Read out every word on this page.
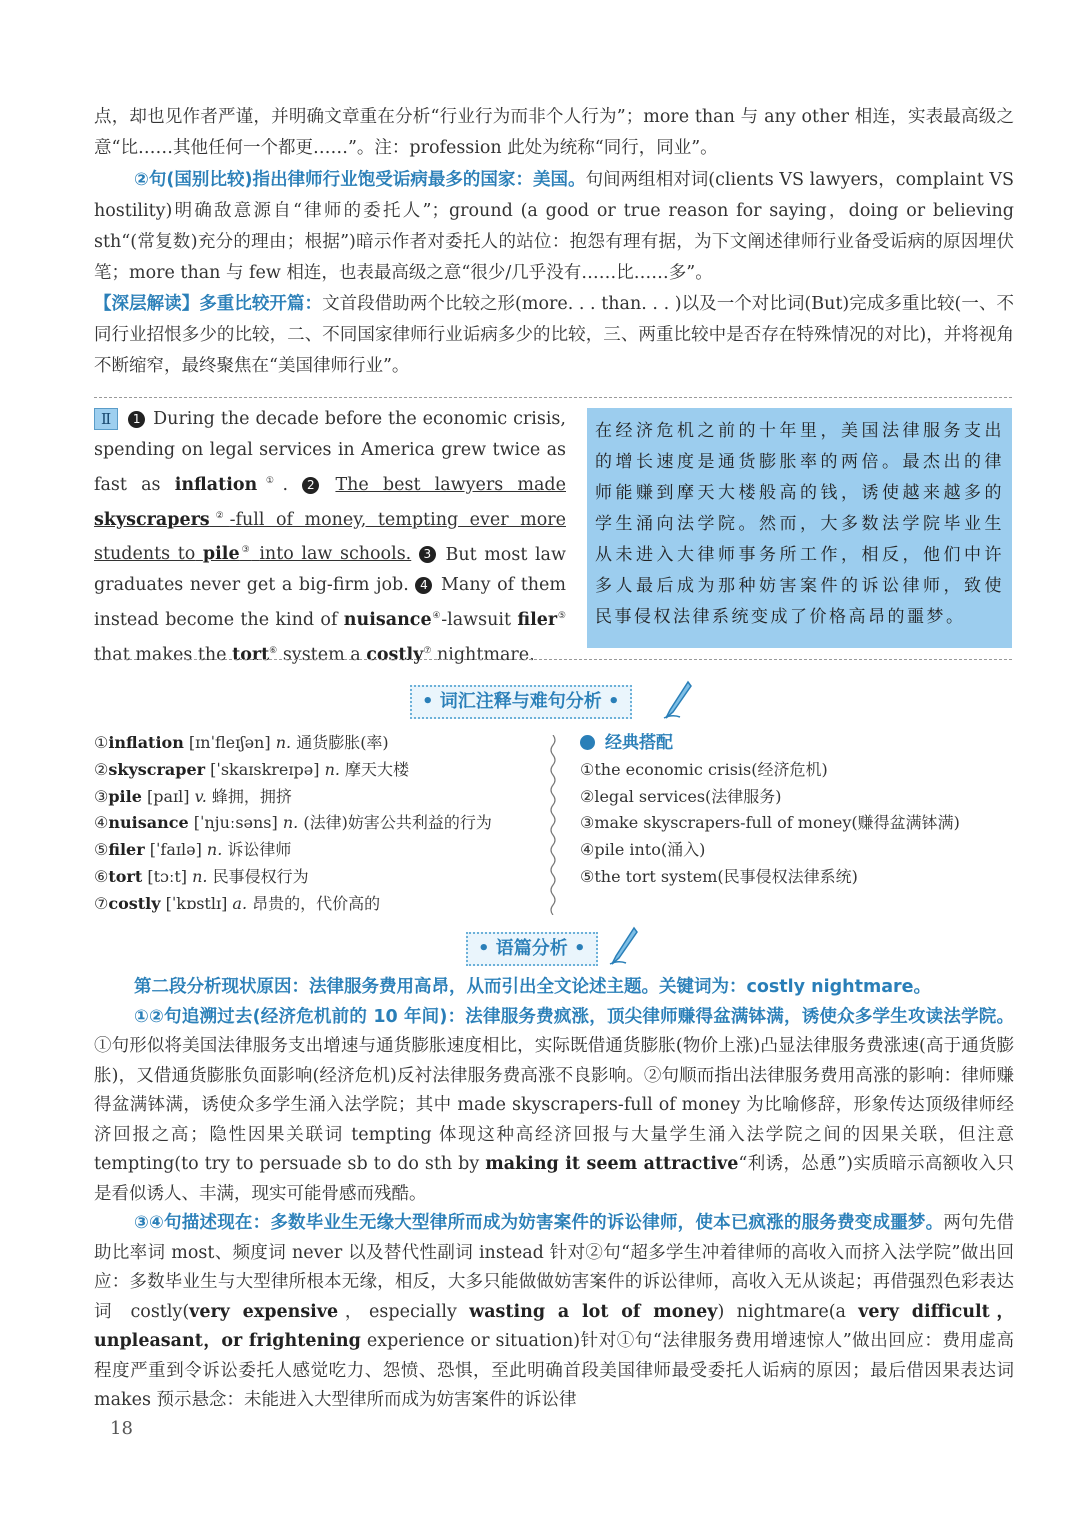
点，却也见作者严谨，并明确文章重在分析“行业行为而非个人行为”；more than 与 any other 相连，实表最高级之意“比……其他任何一个都更……”。注：profession 此处为统称“同行，同业”。
②句(国别比较)指出律师行业饱受诟病最多的国家：美国。句间两组相对词(clients VS lawyers，complaint VS hostility)明确敌意源自“律师的委托人”；ground (a good or true reason for saying，doing or believing sth“(常复数)充分的理由；根据”)暗示作者对委托人的站位：抱怨有理有据，为下文阐述律师行业备受诟病的原因埋伏笔；more than 与 few 相连，也表最高级之意“很少/几乎没有……比……多”。
【深层解读】多重比较开篇：文首段借助两个比较之形(more. . . than. . . )以及一个对比词(But)完成多重比较(一、不同行业招恨多少的比较，二、不同国家律师行业诟病多少的比较，三、两重比较中是否存在特殊情况的对比)，并将视角不断缩窄，最终聚焦在“美国律师行业”。
Ⅱ 1 During the decade before the economic crisis, spending on legal services in America grew twice as fast as inflation①. 2 The best lawyers made skyscrapers②-full of money, tempting ever more students to pile③ into law schools. 3 But most law graduates never get a big-firm job. 4 Many of them instead become the kind of nuisance④-lawsuit filer⑤ that makes the tort⑥ system a costly⑦ nightmare.
在经济危机之前的十年里，美国法律服务支出的增长速度是通货膨胀率的两倍。最杰出的律师能赚到摩天大楼般高的钱，诱使越来越多的学生涌向法学院。然而，大多数法学院毕业生从未进入大律师事务所工作，相反，他们中许多人最后成为那种妨害案件的诉讼律师，致使民事侵权法律系统变成了价格高昂的噩梦。
• 词汇注释与难句分析 •
①inflation [ɪnˈfleɪʃən] n. 通货膨胀(率)
②skyscraper [ˈskaɪskreɪpə] n. 摩天大楼
③pile [paɪl] v. 蜂拥，拥挤
④nuisance [ˈnjuːsəns] n. (法律)妨害公共利益的行为
⑤filer [ˈfaɪlə] n. 诉讼律师
⑥tort [tɔːt] n. 民事侵权行为
⑦costly [ˈkɒstlɪ] a. 昂贵的，代价高的
经典搭配
①the economic crisis(经济危机)
②legal services(法律服务)
③make skyscrapers-full of money(赚得盆满钵满)
④pile into(涌入)
⑤the tort system(民事侵权法律系统)
• 语篇分析 •
第二段分析现状原因：法律服务费用高昂，从而引出全文论述主题。关键词为：costly nightmare。
①②句追溯过去(经济危机前的 10 年间)：法律服务费疯涨，顶尖律师赚得盆满钵满，诱使众多学生攻读法学院。①句形似将美国法律服务支出增速与通货膨胀速度相比，实际既借通货膨胀(物价上涨)凸显法律服务费涨速(高于通货膨胀)，又借通货膨胀负面影响(经济危机)反衬法律服务费高涨不良影响。②句顺而指出法律服务费用高涨的影响：律师赚得盆满钵满，诱使众多学生涌入法学院；其中 made skyscrapers-full of money 为比喻修辞，形象传达顶级律师经济回报之高；隐性因果关联词 tempting 体现这种高经济回报与大量学生涌入法学院之间的因果关联，但注意 tempting(to try to persuade sb to do sth by making it seem attractive“利诱，怂恿”)实质暗示高额收入只是看似诱人、丰满，现实可能骨感而残酷。
③④句描述现在：多数毕业生无缘大型律所而成为妨害案件的诉讼律师，使本已疯涨的服务费变成噩梦。两句先借助比率词 most、频度词 never 以及替代性副词 instead 针对②句“超多学生冲着律师的高收入而挤入法学院”做出回应：多数毕业生与大型律所根本无缘，相反，大多只能做做妨害案件的诉讼律师，高收入无从谈起；再借强烈色彩表达词 costly(very expensive，especially wasting a lot of money) nightmare(a very difficult，unpleasant，or frightening experience or situation)针对①句“法律服务费用增速惊人”做出回应：费用虚高程度严重到令诉讼委托人感觉吃力、怨愤、恐惧，至此明确首段美国律师最受委托人诟病的原因；最后借因果表达词 makes 预示悬念：未能进入大型律所而成为妨害案件的诉讼律
18
